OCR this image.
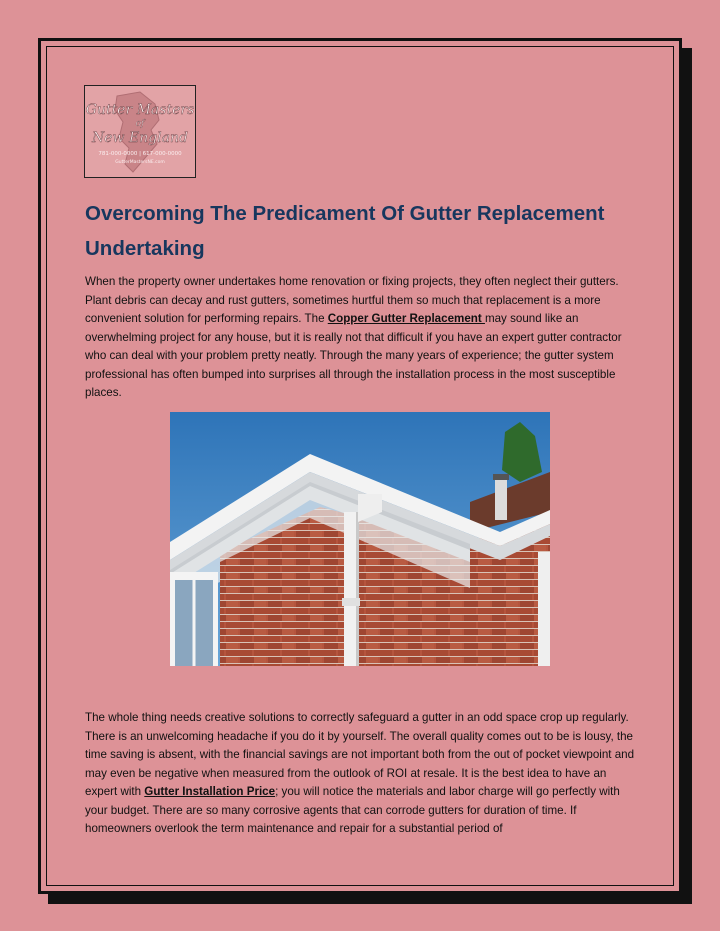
Gutter Masters
of
New England
781-000-0000 | 617-000-0000
GutterMastersNE.com
Overcoming The Predicament Of Gutter Replacement Undertaking

When the property owner undertakes home renovation or fixing projects, they often neglect their gutters. Plant debris can decay and rust gutters, sometimes hurtful them so much that replacement is a more convenient solution for performing repairs. The Copper Gutter Replacement may sound like an overwhelming project for any house, but it is really not that difficult if you have an expert gutter contractor who can deal with your problem pretty neatly. Through the many years of experience; the gutter system professional has often bumped into surprises all through the installation process in the most susceptible places.

The whole thing needs creative solutions to correctly safeguard a gutter in an odd space crop up regularly. There is an unwelcoming headache if you do it by yourself. The overall quality comes out to be is lousy, the time saving is absent, with the financial savings are not important both from the out of pocket viewpoint and may even be negative when measured from the outlook of ROI at resale. It is the best idea to have an expert with Gutter Installation Price; you will notice the materials and labor charge will go perfectly with your budget. There are so many corrosive agents that can corrode gutters for duration of time. If homeowners overlook the term maintenance and repair for a substantial period of
